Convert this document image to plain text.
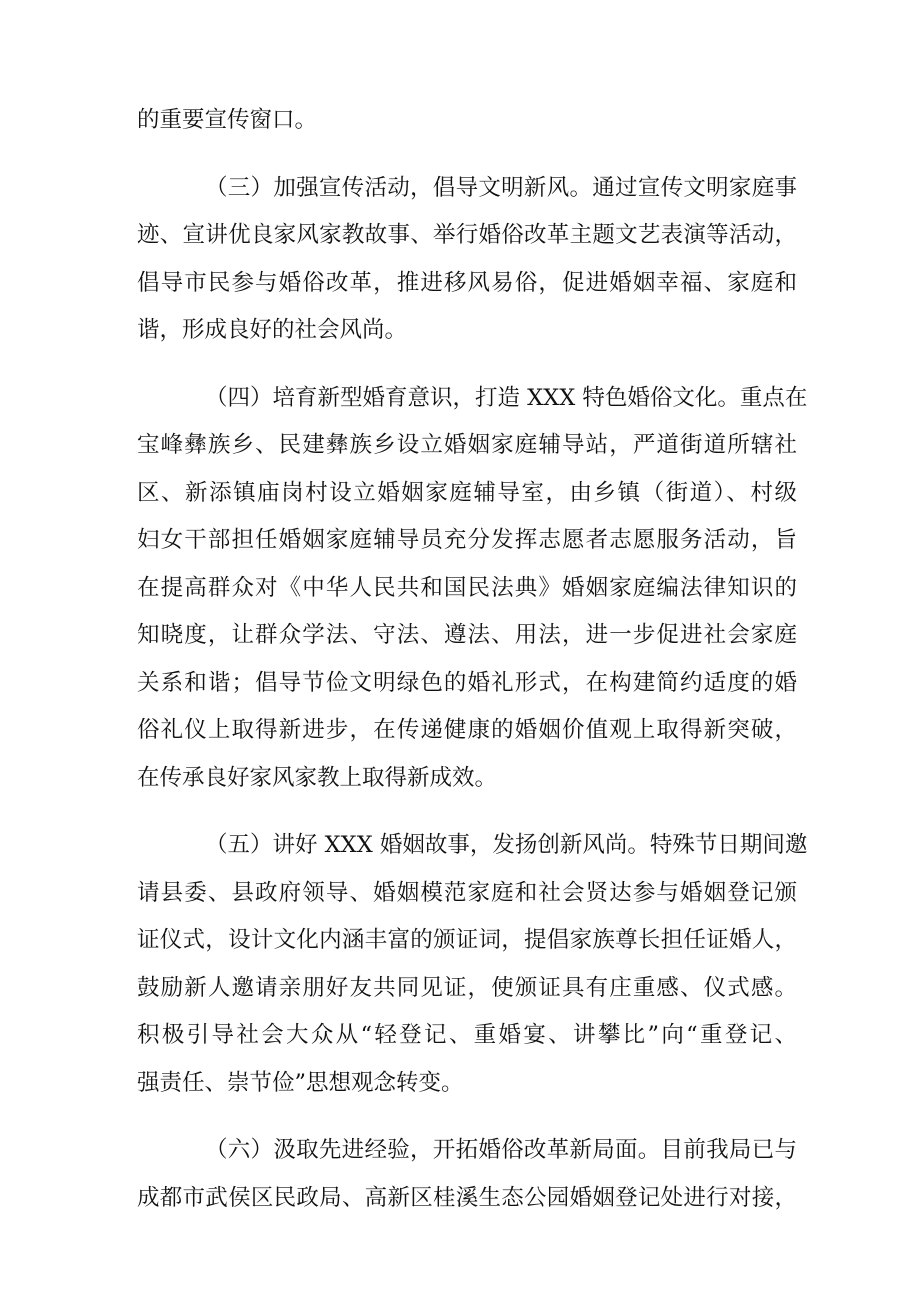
的重要宣传窗口。
（三）加强宣传活动，倡导文明新风。通过宣传文明家庭事
迹、宣讲优良家风家教故事、举行婚俗改革主题文艺表演等活动，
倡导市民参与婚俗改革，推进移风易俗，促进婚姻幸福、家庭和
谐，形成良好的社会风尚。
（四）培育新型婚育意识，打造 XXX 特色婚俗文化。重点在
宝峰彝族乡、民建彝族乡设立婚姻家庭辅导站，严道街道所辖社
区、新添镇庙岗村设立婚姻家庭辅导室，由乡镇（街道）、村级
妇女干部担任婚姻家庭辅导员充分发挥志愿者志愿服务活动，旨
在提高群众对《中华人民共和国民法典》婚姻家庭编法律知识的
知晓度，让群众学法、守法、遵法、用法，进一步促进社会家庭
关系和谐；倡导节俭文明绿色的婚礼形式，在构建简约适度的婚
俗礼仪上取得新进步，在传递健康的婚姻价值观上取得新突破，
在传承良好家风家教上取得新成效。
（五）讲好 XXX 婚姻故事，发扬创新风尚。特殊节日期间邀
请县委、县政府领导、婚姻模范家庭和社会贤达参与婚姻登记颁
证仪式，设计文化内涵丰富的颁证词，提倡家族尊长担任证婚人，
鼓励新人邀请亲朋好友共同见证，使颁证具有庄重感、仪式感。
积极引导社会大众从“轻登记、重婚宴、讲攀比”向“重登记、
强责任、崇节俭”思想观念转变。
（六）汲取先进经验，开拓婚俗改革新局面。目前我局已与
成都市武侯区民政局、高新区桂溪生态公园婚姻登记处进行对接，
